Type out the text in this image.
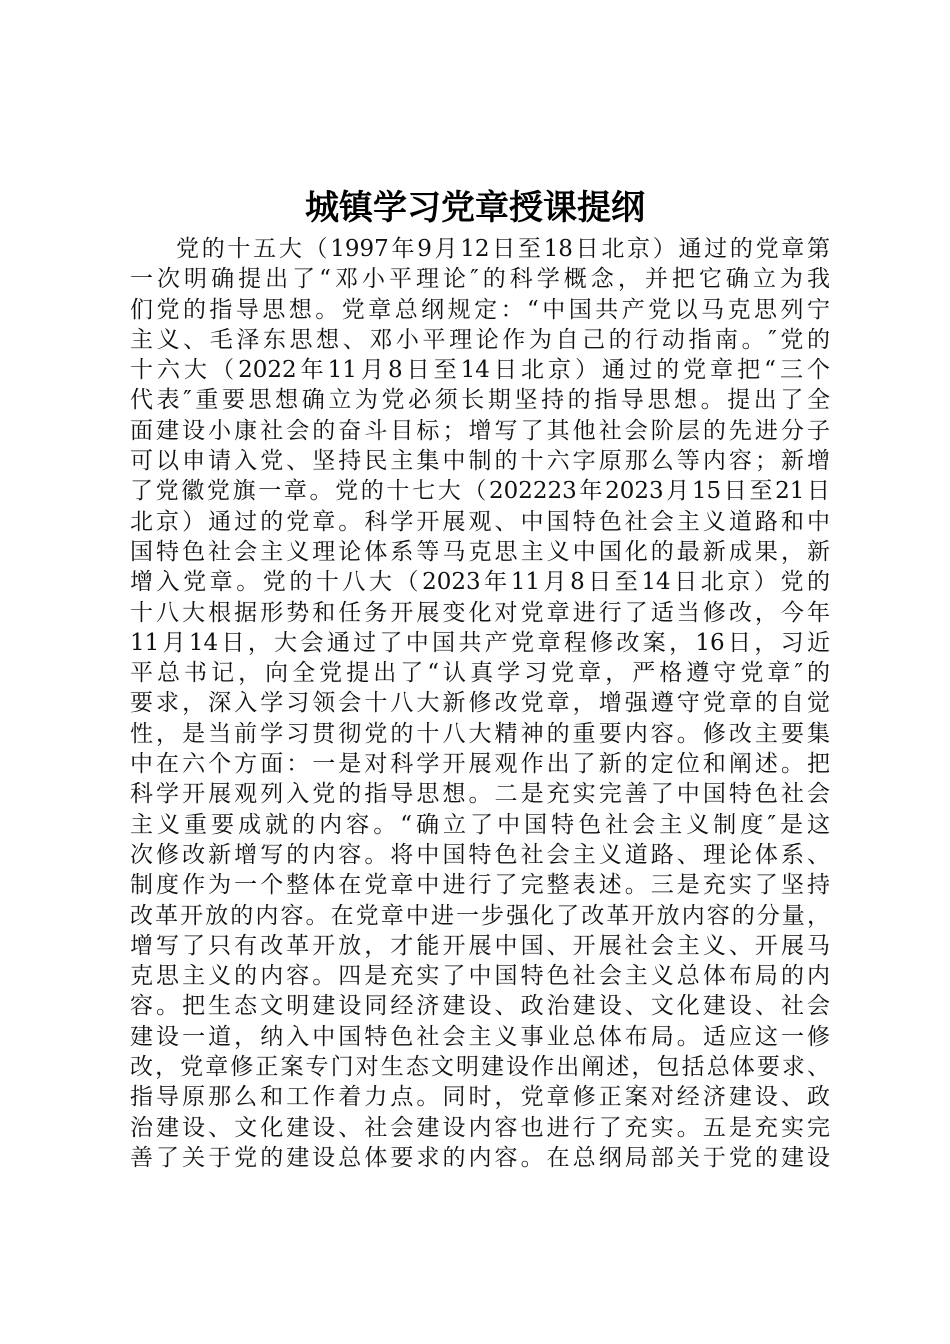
城镇学习党章授课提纲
党的十五大（1997年9月12日至18日北京）通过的党章第
一次明确提出了“邓小平理论″的科学概念，并把它确立为我
们党的指导思想。党章总纲规定：“中国共产党以马克思列宁
主义、毛泽东思想、邓小平理论作为自己的行动指南。″党的
十六大（2022年11月8日至14日北京）通过的党章把“三个
代表″重要思想确立为党必须长期坚持的指导思想。提出了全
面建设小康社会的奋斗目标；增写了其他社会阶层的先进分子
可以申请入党、坚持民主集中制的十六字原那么等内容；新增
了党徽党旗一章。党的十七大（202223年2023月15日至21日
北京）通过的党章。科学开展观、中国特色社会主义道路和中
国特色社会主义理论体系等马克思主义中国化的最新成果，新
增入党章。党的十八大（2023年11月8日至14日北京）党的
十八大根据形势和任务开展变化对党章进行了适当修改，今年
11月14日，大会通过了中国共产党章程修改案，16日，习近
平总书记，向全党提出了“认真学习党章，严格遵守党章″的
要求，深入学习领会十八大新修改党章，增强遵守党章的自觉
性，是当前学习贯彻党的十八大精神的重要内容。修改主要集
中在六个方面：一是对科学开展观作出了新的定位和阐述。把
科学开展观列入党的指导思想。二是充实完善了中国特色社会
主义重要成就的内容。“确立了中国特色社会主义制度″是这
次修改新增写的内容。将中国特色社会主义道路、理论体系、
制度作为一个整体在党章中进行了完整表述。三是充实了坚持
改革开放的内容。在党章中进一步强化了改革开放内容的分量，
增写了只有改革开放，才能开展中国、开展社会主义、开展马
克思主义的内容。四是充实了中国特色社会主义总体布局的内
容。把生态文明建设同经济建设、政治建设、文化建设、社会
建设一道，纳入中国特色社会主义事业总体布局。适应这一修
改，党章修正案专门对生态文明建设作出阐述，包括总体要求、
指导原那么和工作着力点。同时，党章修正案对经济建设、政
治建设、文化建设、社会建设内容也进行了充实。五是充实完
善了关于党的建设总体要求的内容。在总纲局部关于党的建设
